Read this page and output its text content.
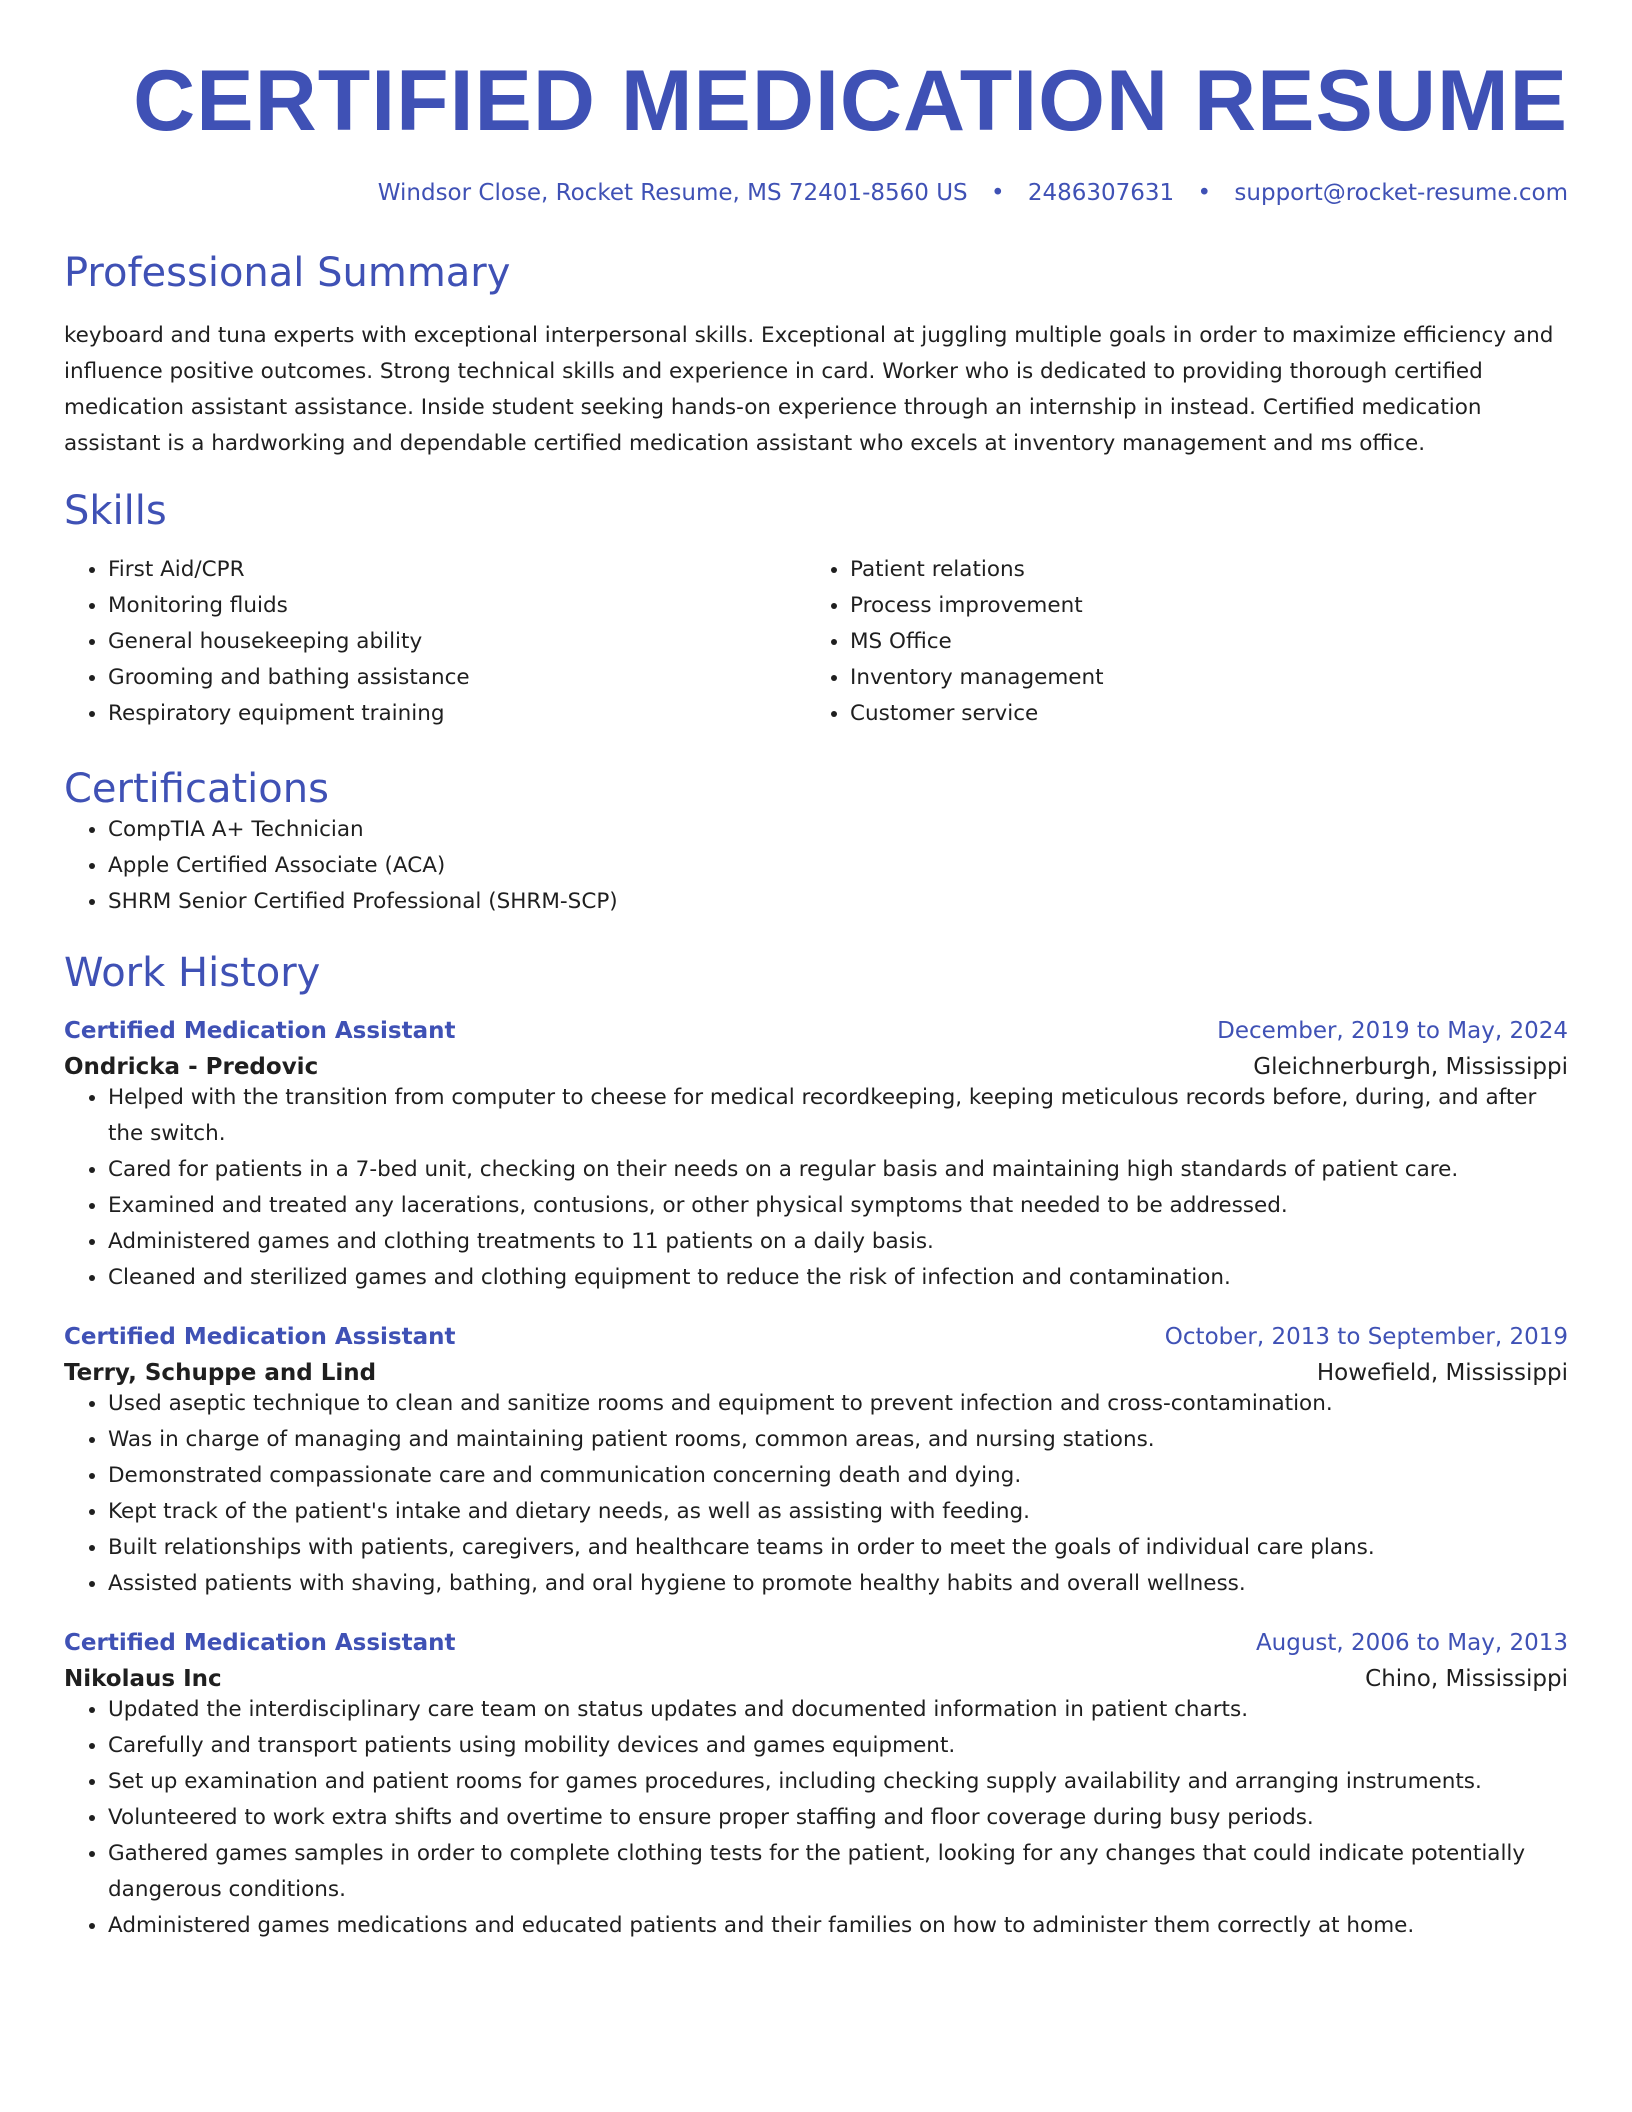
CERTIFIED MEDICATION RESUME
Windsor Close, Rocket Resume, MS 72401-8560 US • 2486307631 • support@rocket-resume.com
Professional Summary

keyboard and tuna experts with exceptional interpersonal skills. Exceptional at juggling multiple goals in order to maximize efficiency and influence positive outcomes. Strong technical skills and experience in card. Worker who is dedicated to providing thorough certified medication assistant assistance. Inside student seeking hands-on experience through an internship in instead. Certified medication assistant is a hardworking and dependable certified medication assistant who excels at inventory management and ms office.

Skills
• First Aid/CPR
• Monitoring fluids
• General housekeeping ability
• Grooming and bathing assistance
• Respiratory equipment training
• Patient relations
• Process improvement
• MS Office
• Inventory management
• Customer service
Certifications
• CompTIA A+ Technician
• Apple Certified Associate (ACA)
• SHRM Senior Certified Professional (SHRM-SCP)
Work History
Certified Medication Assistant	December, 2019 to May, 2024
Ondricka - Predovic	Gleichnerburgh, Mississippi
• Helped with the transition from computer to cheese for medical recordkeeping, keeping meticulous records before, during, and after the switch.
• Cared for patients in a 7-bed unit, checking on their needs on a regular basis and maintaining high standards of patient care.
• Examined and treated any lacerations, contusions, or other physical symptoms that needed to be addressed.
• Administered games and clothing treatments to 11 patients on a daily basis.
• Cleaned and sterilized games and clothing equipment to reduce the risk of infection and contamination.
Certified Medication Assistant	October, 2013 to September, 2019
Terry, Schuppe and Lind	Howefield, Mississippi
• Used aseptic technique to clean and sanitize rooms and equipment to prevent infection and cross-contamination.
• Was in charge of managing and maintaining patient rooms, common areas, and nursing stations.
• Demonstrated compassionate care and communication concerning death and dying.
• Kept track of the patient's intake and dietary needs, as well as assisting with feeding.
• Built relationships with patients, caregivers, and healthcare teams in order to meet the goals of individual care plans.
• Assisted patients with shaving, bathing, and oral hygiene to promote healthy habits and overall wellness.
Certified Medication Assistant	August, 2006 to May, 2013
Nikolaus Inc	Chino, Mississippi
• Updated the interdisciplinary care team on status updates and documented information in patient charts.
• Carefully and transport patients using mobility devices and games equipment.
• Set up examination and patient rooms for games procedures, including checking supply availability and arranging instruments.
• Volunteered to work extra shifts and overtime to ensure proper staffing and floor coverage during busy periods.
• Gathered games samples in order to complete clothing tests for the patient, looking for any changes that could indicate potentially dangerous conditions.
• Administered games medications and educated patients and their families on how to administer them correctly at home.
